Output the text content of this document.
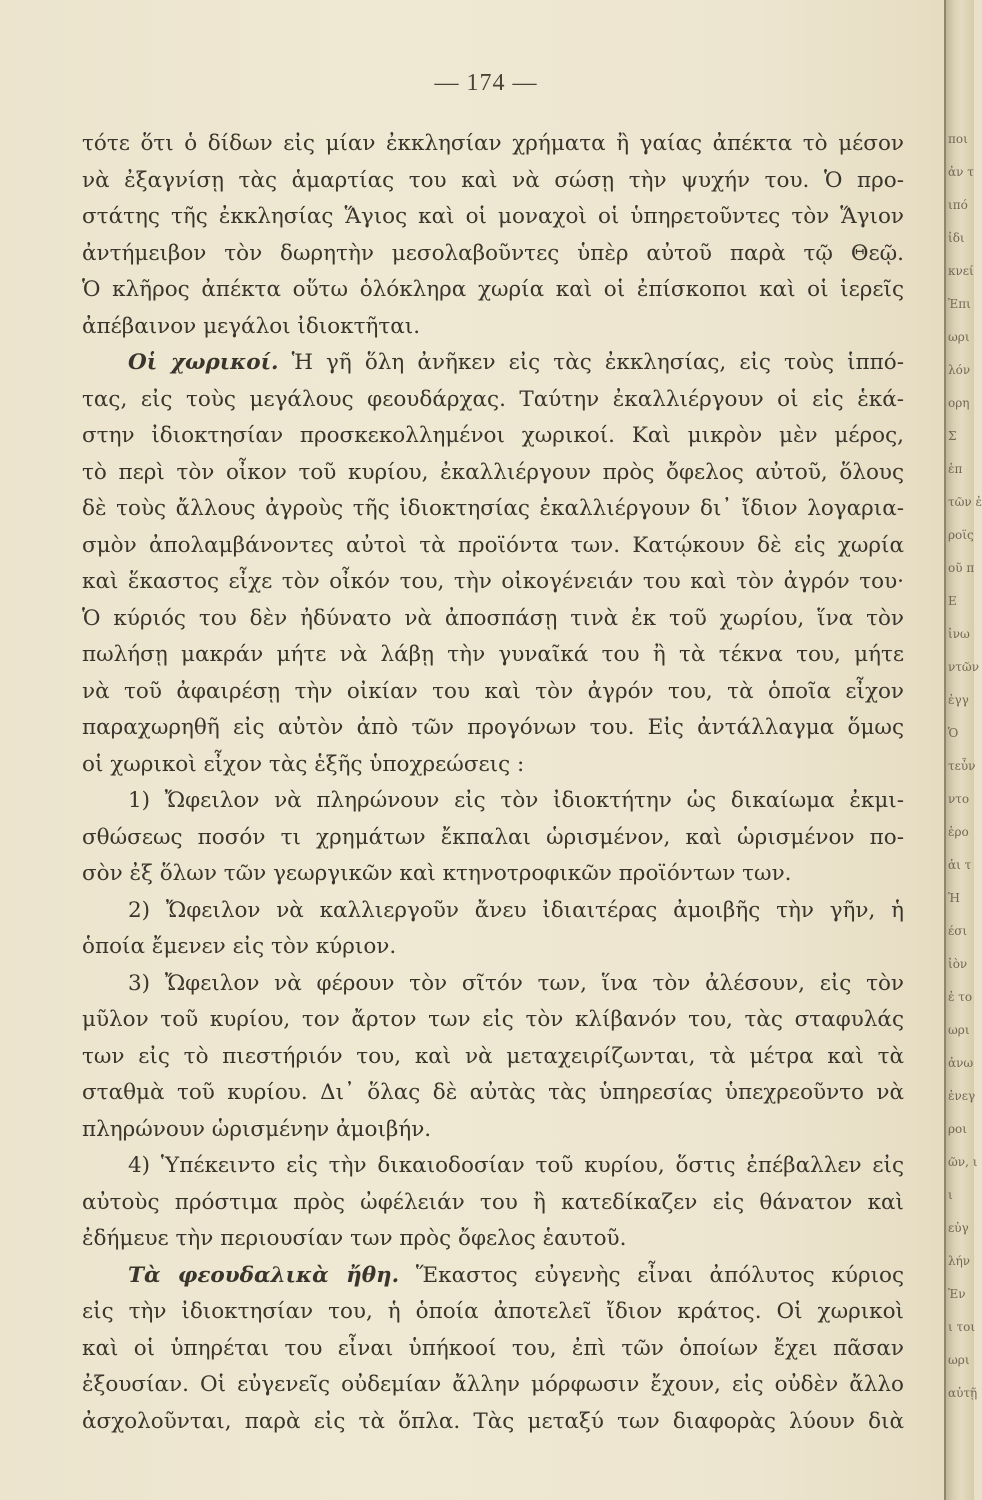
— 174 —
τότε ὅτι ὁ δίδων εἰς μίαν ἐκκλησίαν χρήματα ἢ γαίας ἀπέκτα τὸ μέσον
νὰ ἐξαγνίσῃ τὰς ἁμαρτίας του καὶ νὰ σώσῃ τὴν ψυχήν του. Ὁ προ-
στάτης τῆς ἐκκλησίας Ἅγιος καὶ οἱ μοναχοὶ οἱ ὑπηρετοῦντες τὸν Ἅγιον
ἀντήμειβον τὸν δωρητὴν μεσολαβοῦντες ὑπὲρ αὐτοῦ παρὰ τῷ Θεῷ.
Ὁ κλῆρος ἀπέκτα οὕτω ὁλόκληρα χωρία καὶ οἱ ἐπίσκοποι καὶ οἱ ἱερεῖς
ἀπέβαινον μεγάλοι ἰδιοκτῆται.
Οἱ χωρικοί. Ἡ γῆ ὅλη ἀνῆκεν εἰς τὰς ἐκκλησίας, εἰς τοὺς ἱππό-
τας, εἰς τοὺς μεγάλους φεουδάρχας. Ταύτην ἐκαλλιέργουν οἱ εἰς ἑκά-
στην ἰδιοκτησίαν προσκεκολλημένοι χωρικοί. Καὶ μικρὸν μὲν μέρος,
τὸ περὶ τὸν οἶκον τοῦ κυρίου, ἐκαλλιέργουν πρὸς ὄφελος αὐτοῦ, ὅλους
δὲ τοὺς ἄλλους ἀγροὺς τῆς ἰδιοκτησίας ἐκαλλιέργουν δι᾽ ἴδιον λογαρια-
σμὸν ἀπολαμβάνοντες αὐτοὶ τὰ προϊόντα των. Κατῴκουν δὲ εἰς χωρία
καὶ ἕκαστος εἶχε τὸν οἶκόν του, τὴν οἰκογένειάν του καὶ τὸν ἀγρόν του·
Ὁ κύριός του δὲν ἠδύνατο νὰ ἀποσπάσῃ τινὰ ἐκ τοῦ χωρίου, ἵνα τὸν
πωλήσῃ μακράν μήτε νὰ λάβῃ τὴν γυναῖκά του ἢ τὰ τέκνα του, μήτε
νὰ τοῦ ἀφαιρέσῃ τὴν οἰκίαν του καὶ τὸν ἀγρόν του, τὰ ὁποῖα εἶχον
παραχωρηθῆ εἰς αὐτὸν ἀπὸ τῶν προγόνων του. Εἰς ἀντάλλαγμα ὅμως
οἱ χωρικοὶ εἶχον τὰς ἑξῆς ὑποχρεώσεις :
1) Ὤφειλον νὰ πληρώνουν εἰς τὸν ἰδιοκτήτην ὡς δικαίωμα ἐκμι-
σθώσεως ποσόν τι χρημάτων ἔκπαλαι ὡρισμένον, καὶ ὡρισμένον πο-
σὸν ἐξ ὅλων τῶν γεωργικῶν καὶ κτηνοτροφικῶν προϊόντων των.
2) Ὤφειλον νὰ καλλιεργοῦν ἄνευ ἰδιαιτέρας ἀμοιβῆς τὴν γῆν, ἡ
ὁποία ἔμενεν εἰς τὸν κύριον.
3) Ὤφειλον νὰ φέρουν τὸν σῖτόν των, ἵνα τὸν ἀλέσουν, εἰς τὸν
μῦλον τοῦ κυρίου, τον ἄρτον των εἰς τὸν κλίβανόν του, τὰς σταφυλάς
των εἰς τὸ πιεστήριόν του, καὶ νὰ μεταχειρίζωνται, τὰ μέτρα καὶ τὰ
σταθμὰ τοῦ κυρίου. Δι᾽ ὅλας δὲ αὐτὰς τὰς ὑπηρεσίας ὑπεχρεοῦντο νὰ
πληρώνουν ὡρισμένην ἀμοιβήν.
4) Ὑπέκειντο εἰς τὴν δικαιοδοσίαν τοῦ κυρίου, ὅστις ἐπέβαλλεν εἰς
αὐτοὺς πρόστιμα πρὸς ὠφέλειάν του ἢ κατεδίκαζεν εἰς θάνατον καὶ
ἐδήμευε τὴν περιουσίαν των πρὸς ὄφελος ἑαυτοῦ.
Τὰ φεουδαλικὰ ἤθη. Ἕκαστος εὐγενὴς εἶναι ἀπόλυτος κύριος
εἰς τὴν ἰδιοκτησίαν του, ἡ ὁποία ἀποτελεῖ ἴδιον κράτος. Οἱ χωρικοὶ
καὶ οἱ ὑπηρέται του εἶναι ὑπήκοοί του, ἐπὶ τῶν ὁποίων ἔχει πᾶσαν
ἐξουσίαν. Οἱ εὐγενεῖς οὐδεμίαν ἄλλην μόρφωσιν ἔχουν, εἰς οὐδὲν ἄλλο
ἀσχολοῦνται, παρὰ εἰς τὰ ὅπλα. Τὰς μεταξύ των διαφορὰς λύουν διὰ
ποι
ἀν τ
ιπό
ἰδι
κνεί
Ἐπι
ωρι
λόν
ορη
Σ
ἑπ
τῶν ἐ
ροϊς
οῦ π
Ε
ἰνω
ντῶν
ἐγγ
Ὁ
τεὖν
ντο
ἑρο
ἁι τ
Ἡ
έσι
ἰὸν
ἐ το
ωρι
ἀνω
ἐνεγ
ροι
ῶν, ι
ι
εὐγ
λήν
Ἐν
ι τοι
ωρι
αὐτῇ
